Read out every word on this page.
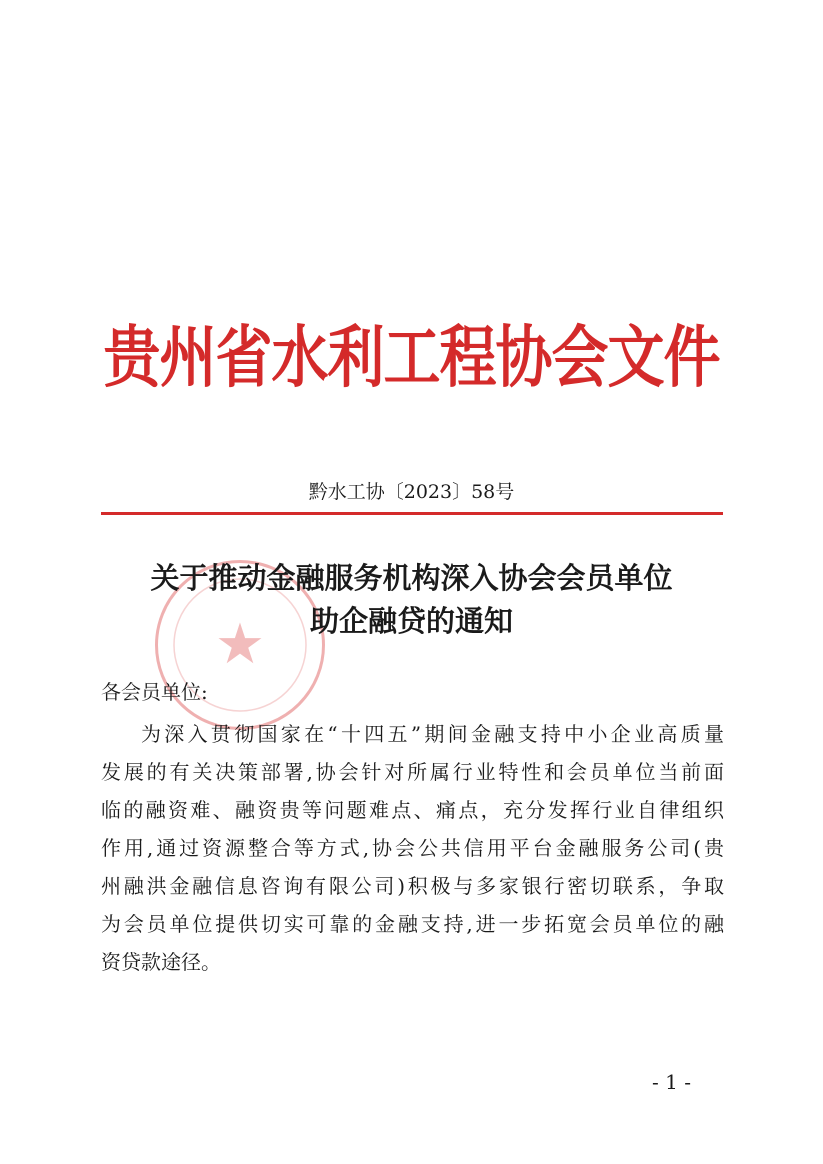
贵州省水利工程协会文件
黔水工协〔2023〕58号
★
关于推动金融服务机构深入协会会员单位
助企融贷的通知
各会员单位:
为深入贯彻国家在“十四五”期间金融支持中小企业高质量
发展的有关决策部署,协会针对所属行业特性和会员单位当前面
临的融资难、融资贵等问题难点、痛点，充分发挥行业自律组织
作用,通过资源整合等方式,协会公共信用平台金融服务公司(贵
州融洪金融信息咨询有限公司)积极与多家银行密切联系，争取
为会员单位提供切实可靠的金融支持,进一步拓宽会员单位的融
资贷款途径。
- 1 -
